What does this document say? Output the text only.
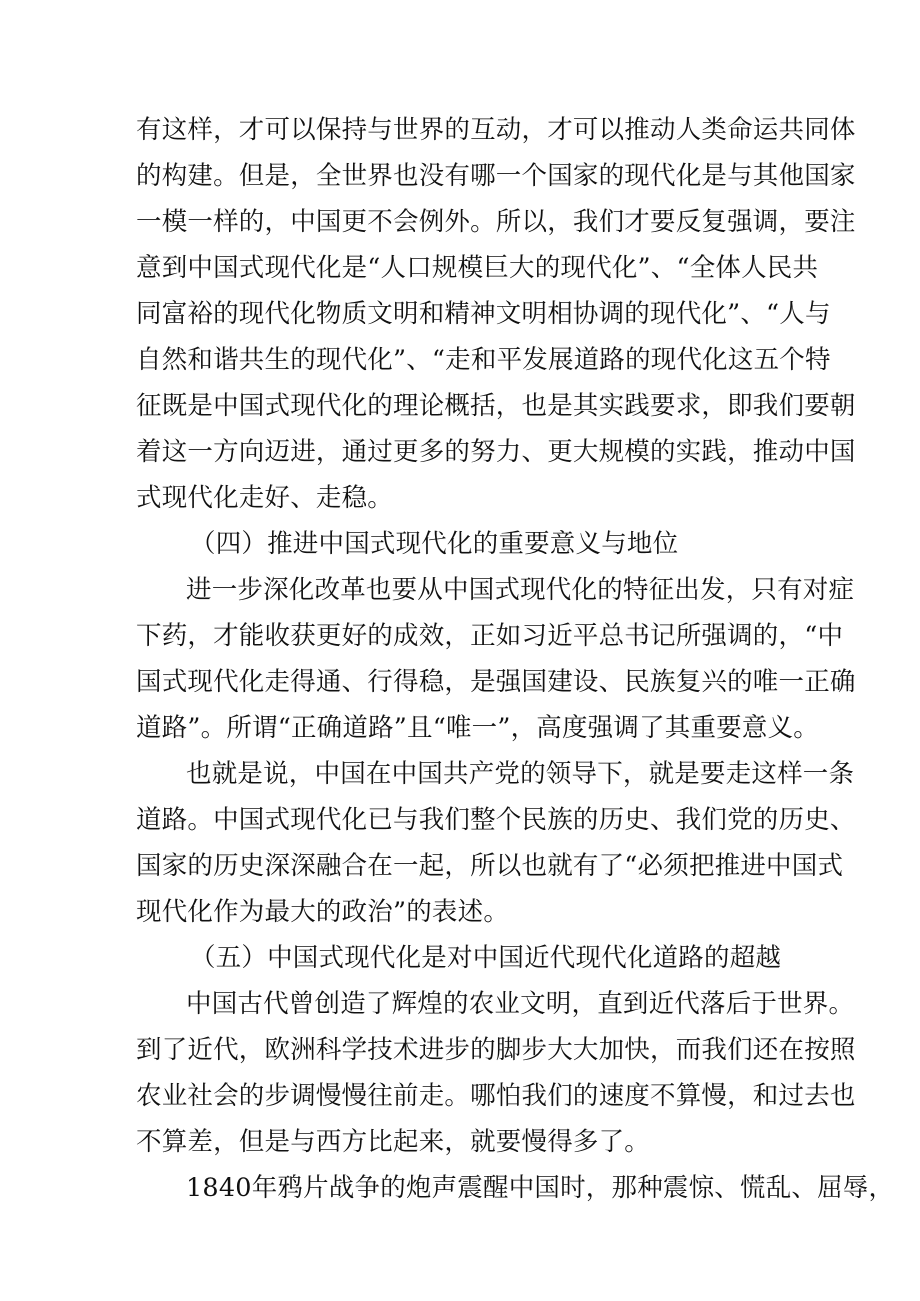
有这样，才可以保持与世界的互动，才可以推动人类命运共同体
的构建。但是，全世界也没有哪一个国家的现代化是与其他国家
一模一样的，中国更不会例外。所以，我们才要反复强调，要注
意到中国式现代化是“人口规模巨大的现代化”、“全体人民共
同富裕的现代化物质文明和精神文明相协调的现代化”、“人与
自然和谐共生的现代化”、“走和平发展道路的现代化这五个特
征既是中国式现代化的理论概括，也是其实践要求，即我们要朝
着这一方向迈进，通过更多的努力、更大规模的实践，推动中国
式现代化走好、走稳。
（四）推进中国式现代化的重要意义与地位
进一步深化改革也要从中国式现代化的特征出发，只有对症
下药，才能收获更好的成效，正如习近平总书记所强调的，“中
国式现代化走得通、行得稳，是强国建设、民族复兴的唯一正确
道路”。所谓“正确道路”且“唯一”，高度强调了其重要意义。
也就是说，中国在中国共产党的领导下，就是要走这样一条
道路。中国式现代化已与我们整个民族的历史、我们党的历史、
国家的历史深深融合在一起，所以也就有了“必须把推进中国式
现代化作为最大的政治”的表述。
（五）中国式现代化是对中国近代现代化道路的超越
中国古代曾创造了辉煌的农业文明，直到近代落后于世界。
到了近代，欧洲科学技术进步的脚步大大加快，而我们还在按照
农业社会的步调慢慢往前走。哪怕我们的速度不算慢，和过去也
不算差，但是与西方比起来，就要慢得多了。
1840年鸦片战争的炮声震醒中国时，那种震惊、慌乱、屈辱，
